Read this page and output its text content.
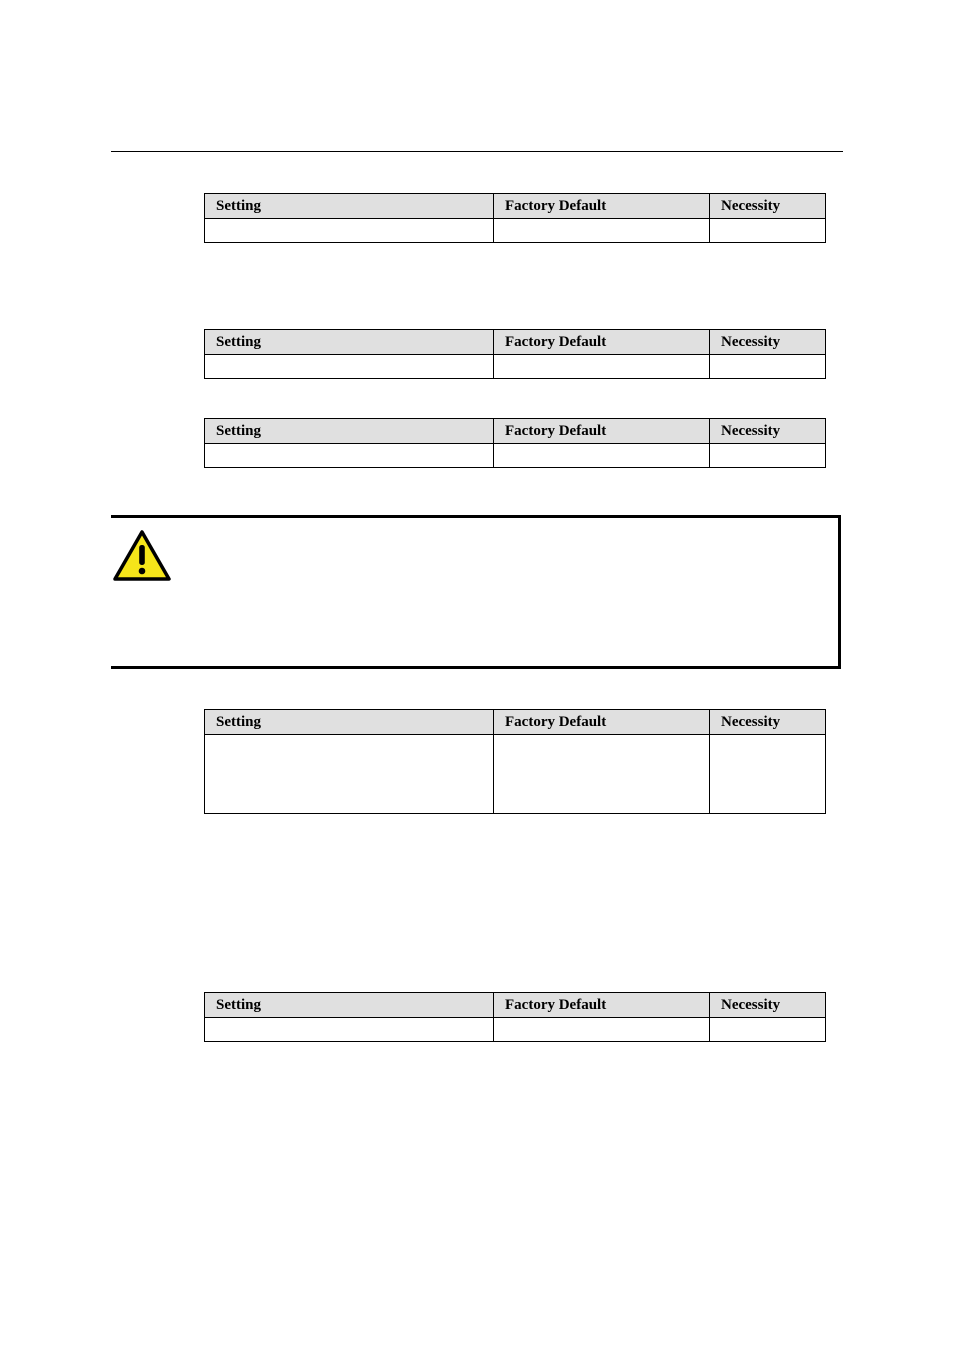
Setting	Factory Default	Necessity

Setting	Factory Default	Necessity

Setting	Factory Default	Necessity

Setting	Factory Default	Necessity

Setting	Factory Default	Necessity
